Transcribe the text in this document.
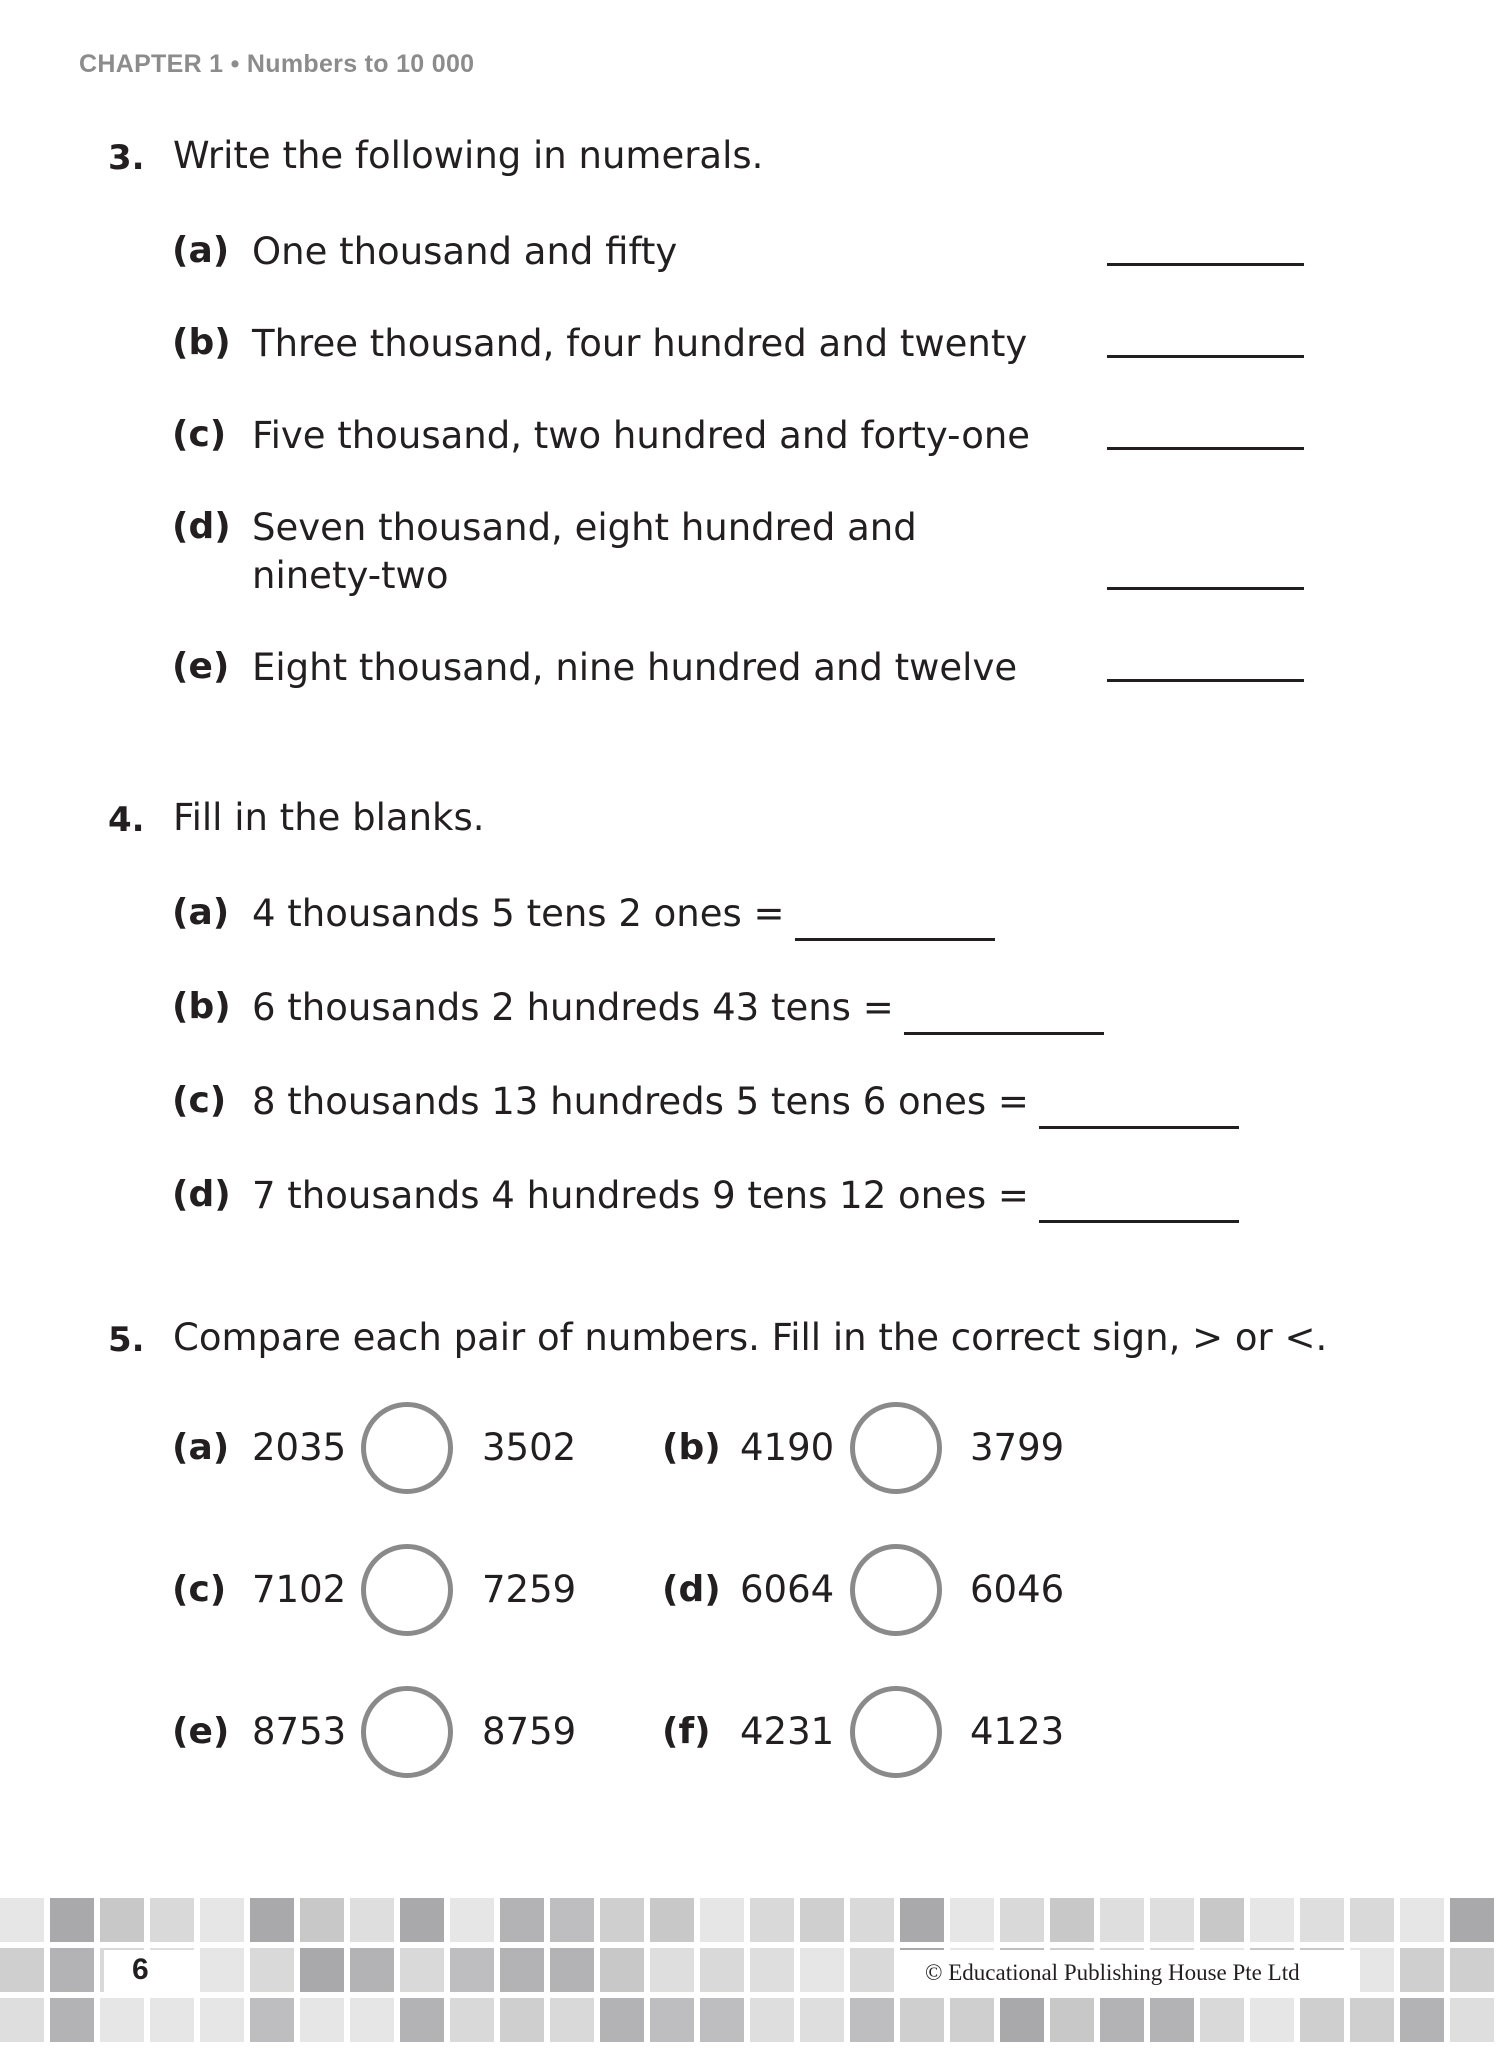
CHAPTER 1 • Numbers to 10 000
3. Write the following in numerals.
(a) One thousand and fifty
(b) Three thousand, four hundred and twenty
(c) Five thousand, two hundred and forty-one
(d) Seven thousand, eight hundred and
ninety-two
(e) Eight thousand, nine hundred and twelve
4. Fill in the blanks.
(a) 4 thousands 5 tens 2 ones =
(b) 6 thousands 2 hundreds 43 tens =
(c) 8 thousands 13 hundreds 5 tens 6 ones =
(d) 7 thousands 4 hundreds 9 tens 12 ones =
5. Compare each pair of numbers. Fill in the correct sign, > or <.
(a) 2035	3502 (b) 4190	3799
(c) 7102	7259 (d) 6064	6046
(e) 8753	8759 (f) 4231	4123
6	© Educational Publishing House Pte Ltd
